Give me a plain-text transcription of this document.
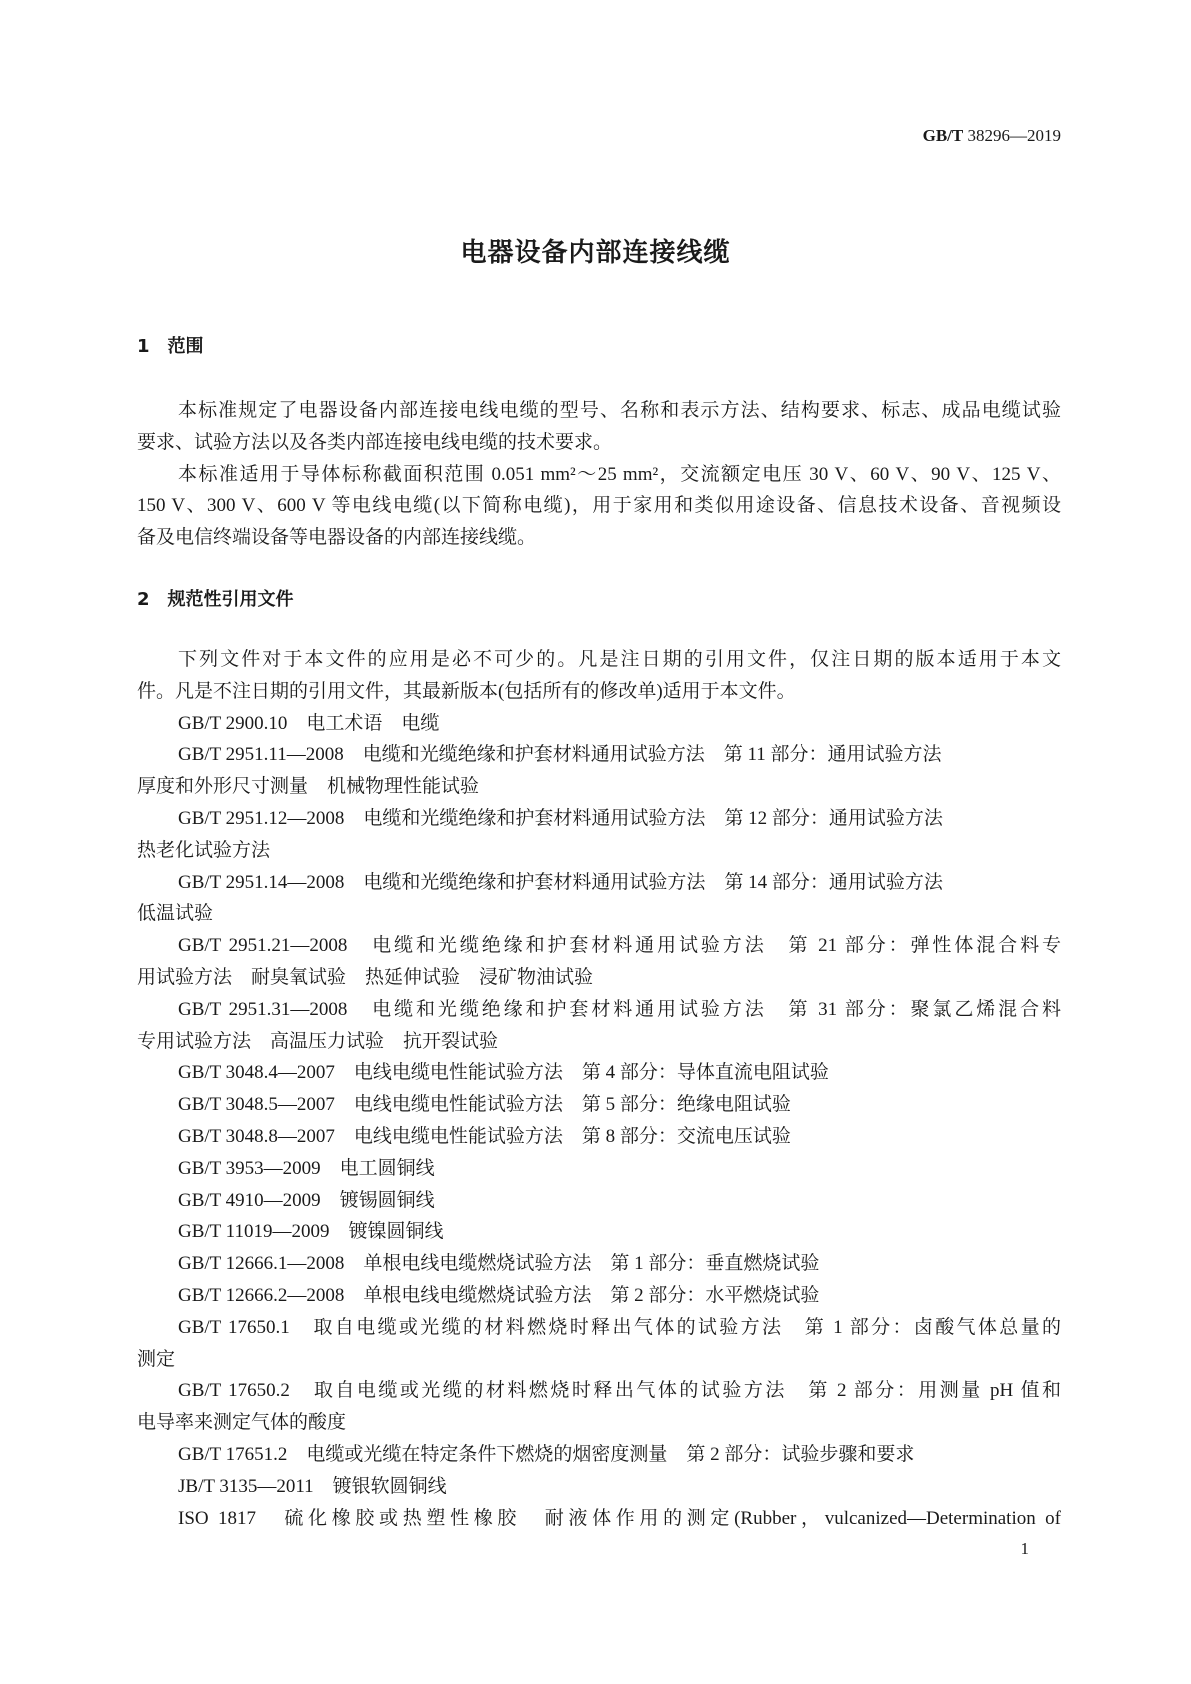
GB/T 38296—2019
电器设备内部连接线缆
1　范围
本标准规定了电器设备内部连接电线电缆的型号、名称和表示方法、结构要求、标志、成品电缆试验
要求、试验方法以及各类内部连接电线电缆的技术要求。
本标准适用于导体标称截面积范围 0.051 mm²～25 mm²，交流额定电压 30 V、60 V、90 V、125 V、
150 V、300 V、600 V 等电线电缆(以下简称电缆)，用于家用和类似用途设备、信息技术设备、音视频设
备及电信终端设备等电器设备的内部连接线缆。
2　规范性引用文件
下列文件对于本文件的应用是必不可少的。凡是注日期的引用文件，仅注日期的版本适用于本文
件。凡是不注日期的引用文件，其最新版本(包括所有的修改单)适用于本文件。
GB/T 2900.10　电工术语　电缆
GB/T 2951.11—2008　电缆和光缆绝缘和护套材料通用试验方法　第 11 部分：通用试验方法
厚度和外形尺寸测量　机械物理性能试验
GB/T 2951.12—2008　电缆和光缆绝缘和护套材料通用试验方法　第 12 部分：通用试验方法
热老化试验方法
GB/T 2951.14—2008　电缆和光缆绝缘和护套材料通用试验方法　第 14 部分：通用试验方法
低温试验
GB/T 2951.21—2008　电缆和光缆绝缘和护套材料通用试验方法　第 21 部分：弹性体混合料专
用试验方法　耐臭氧试验　热延伸试验　浸矿物油试验
GB/T 2951.31—2008　电缆和光缆绝缘和护套材料通用试验方法　第 31 部分：聚氯乙烯混合料
专用试验方法　高温压力试验　抗开裂试验
GB/T 3048.4—2007　电线电缆电性能试验方法　第 4 部分：导体直流电阻试验
GB/T 3048.5—2007　电线电缆电性能试验方法　第 5 部分：绝缘电阻试验
GB/T 3048.8—2007　电线电缆电性能试验方法　第 8 部分：交流电压试验
GB/T 3953—2009　电工圆铜线
GB/T 4910—2009　镀锡圆铜线
GB/T 11019—2009　镀镍圆铜线
GB/T 12666.1—2008　单根电线电缆燃烧试验方法　第 1 部分：垂直燃烧试验
GB/T 12666.2—2008　单根电线电缆燃烧试验方法　第 2 部分：水平燃烧试验
GB/T 17650.1　取自电缆或光缆的材料燃烧时释出气体的试验方法　第 1 部分：卤酸气体总量的
测定
GB/T 17650.2　取自电缆或光缆的材料燃烧时释出气体的试验方法　第 2 部分：用测量 pH 值和
电导率来测定气体的酸度
GB/T 17651.2　电缆或光缆在特定条件下燃烧的烟密度测量　第 2 部分：试验步骤和要求
JB/T 3135—2011　镀银软圆铜线
ISO 1817　硫化橡胶或热塑性橡胶　耐液体作用的测定(Rubber，vulcanized—Determination of
1
